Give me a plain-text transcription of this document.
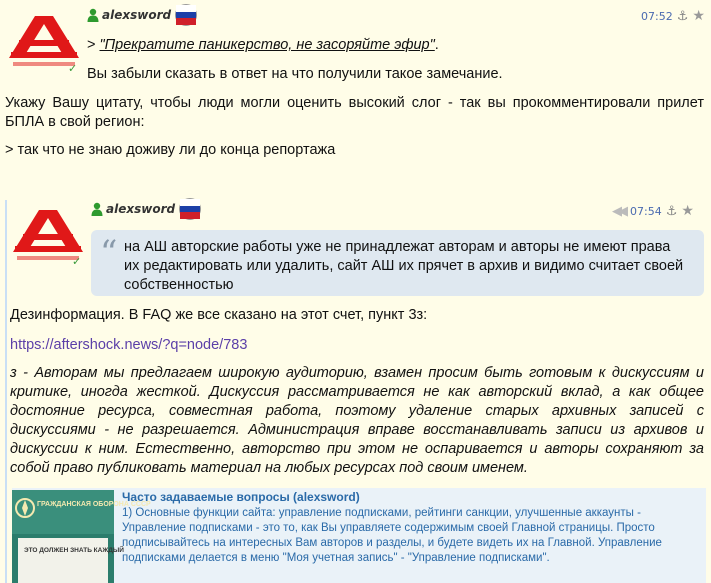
✓
alexsword	07:52 ⚓ ★
> "Прекратите паникерство, не засоряйте эфир".
Вы забыли сказать в ответ на что получили такое замечание.
Укажу Вашу цитату, чтобы люди могли оценить высокий слог - так вы прокомментировали прилет БПЛА в свой регион:
> так что не знаю доживу ли до конца репортажа
✓
alexsword	◀◀ 07:54 ⚓ ★
“ на АШ авторские работы уже не принадлежат авторам и авторы не имеют права их редактировать или удалить, сайт АШ их прячет в архив и видимо считает своей собственностью
Дезинформация. В FAQ же все сказано на этот счет, пункт 3з:
https://aftershock.news/?q=node/783
з - Авторам мы предлагаем широкую аудиторию, взамен просим быть готовым к дискуссиям и критике, иногда жесткой. Дискуссия рассматривается не как авторский вклад, а как общее достояние ресурса, совместная работа, поэтому удаление старых архивных записей с дискуссиями - не разрешается. Администрация вправе восстанавливать записи из архивов и дискуссии к ним. Естественно, авторство при этом не оспаривается и авторы сохраняют за собой право публиковать материал на любых ресурсах под своим именем.
ГРАЖДАНСКАЯ ОБОРОНА СССР
ЭТО ДОЛЖЕН ЗНАТЬ КАЖДЫЙ
Часто задаваемые вопросы (alexsword)
1) Основные функции сайта: управление подписками, рейтинги санкции, улучшенные аккаунты - Управление подписками - это то, как Вы управляете содержимым своей Главной страницы. Просто подписывайтесь на интересных Вам авторов и разделы, и будете видеть их на Главной. Управление подписками делается в меню "Моя учетная запись" - "Управление подписками".
